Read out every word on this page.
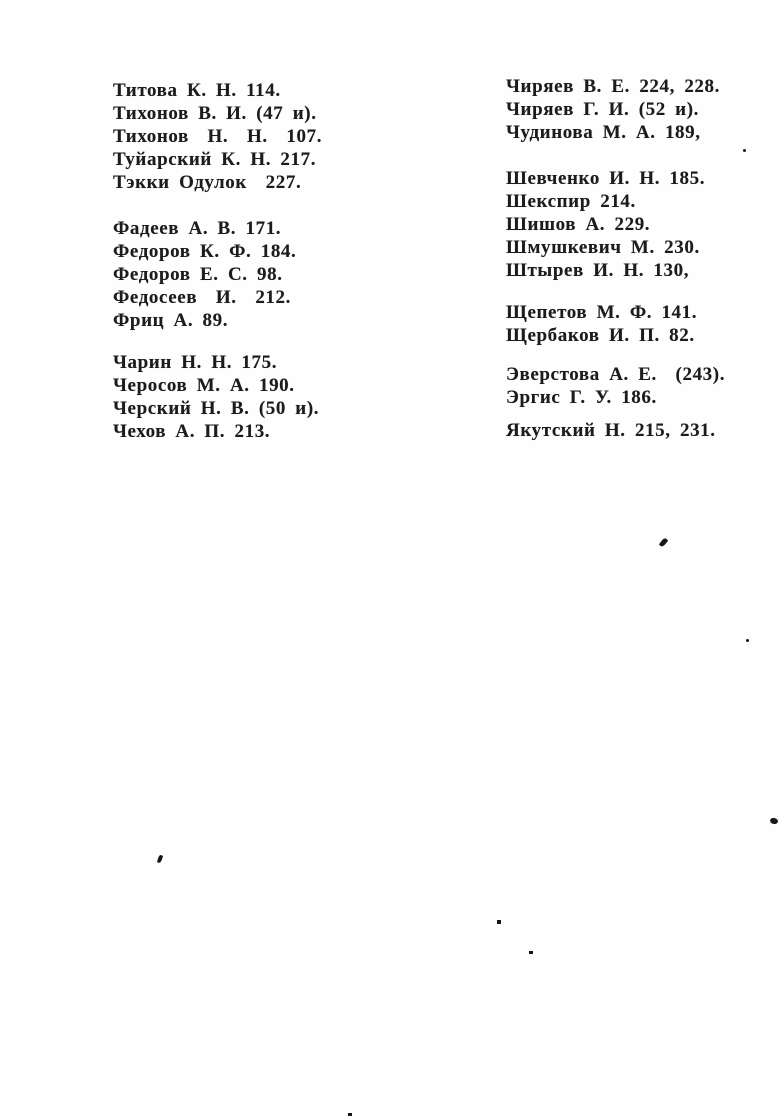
Титова К. Н. 114.
Тихонов В. И. (47 и).
Тихонов  Н.  Н.  107.
Туйарский К. Н. 217.
Тэкки Одулок  227.
Фадеев А. В. 171.
Федоров К. Ф. 184.
Федоров Е. С. 98.
Федосеев  И.  212.
Фриц А. 89.
Чарин Н. Н. 175.
Черосов М. А. 190.
Черский Н. В. (50 и).
Чехов А. П. 213.
Чиряев В. Е. 224, 228.
Чиряев Г. И. (52 и).
Чудинова М. А. 189,
Шевченко И. Н. 185.
Шекспир 214.
Шишов А. 229.
Шмушкевич М. 230.
Штырев И. Н. 130,
Щепетов М. Ф. 141.
Щербаков И. П. 82.
Эверстова А. Е.  (243).
Эргис Г. У. 186.
Якутский Н. 215, 231.
